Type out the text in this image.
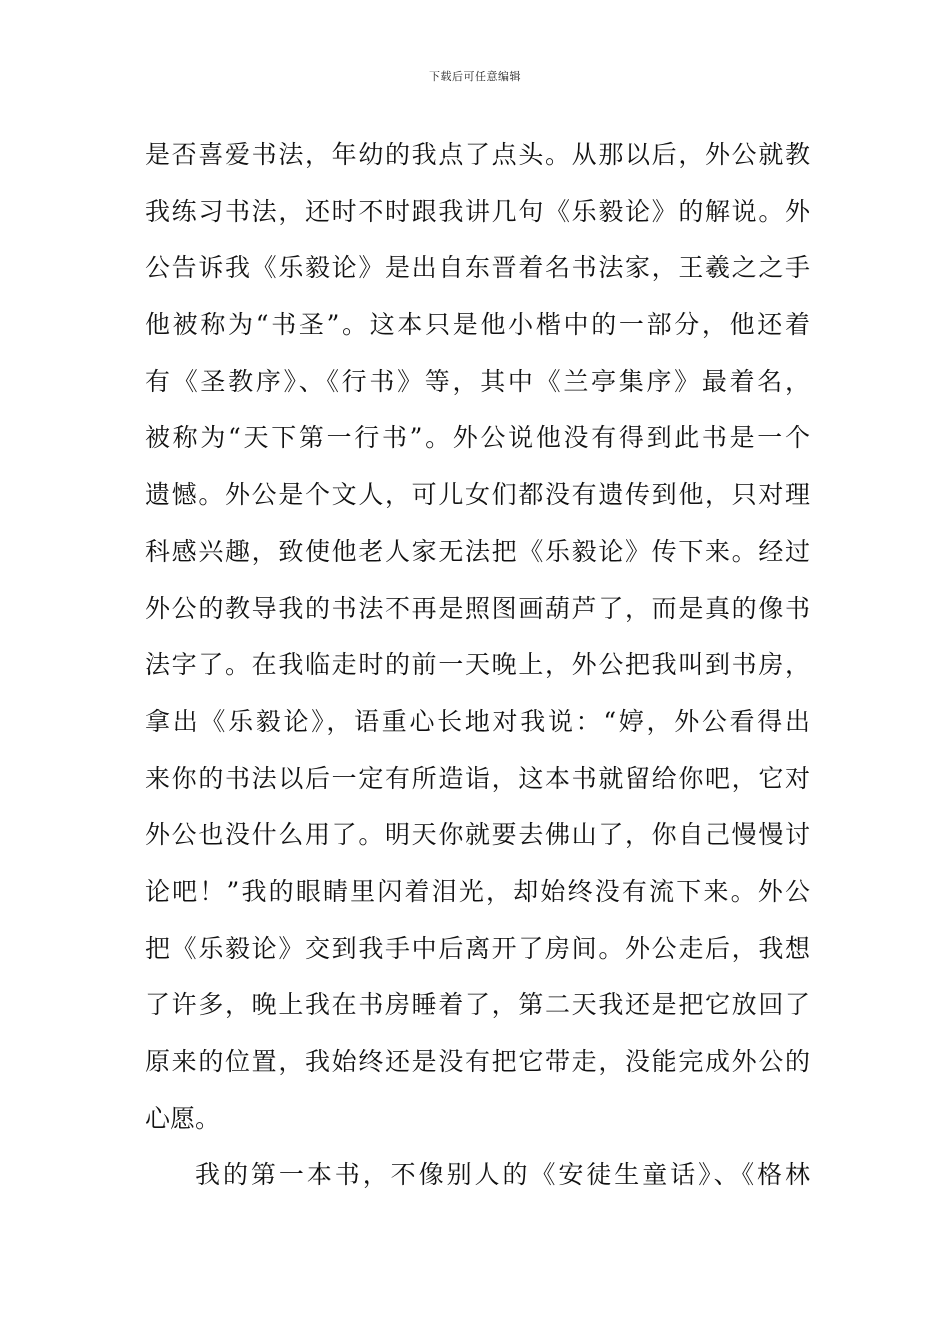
下载后可任意编辑
是否喜爱书法，年幼的我点了点头。从那以后，外公就教
我练习书法，还时不时跟我讲几句《乐毅论》的解说。外
公告诉我《乐毅论》是出自东晋着名书法家，王羲之之手
他被称为“书圣”。这本只是他小楷中的一部分，他还着
有《圣教序》、《行书》等，其中《兰亭集序》最着名，
被称为“天下第一行书”。外公说他没有得到此书是一个
遗憾。外公是个文人，可儿女们都没有遗传到他，只对理
科感兴趣，致使他老人家无法把《乐毅论》传下来。经过
外公的教导我的书法不再是照图画葫芦了，而是真的像书
法字了。在我临走时的前一天晚上，外公把我叫到书房，
拿出《乐毅论》，语重心长地对我说：“婷，外公看得出
来你的书法以后一定有所造诣，这本书就留给你吧，它对
外公也没什么用了。明天你就要去佛山了，你自己慢慢讨
论吧！”我的眼睛里闪着泪光，却始终没有流下来。外公
把《乐毅论》交到我手中后离开了房间。外公走后，我想
了许多，晚上我在书房睡着了，第二天我还是把它放回了
原来的位置，我始终还是没有把它带走，没能完成外公的
心愿。
我的第一本书，不像别人的《安徒生童话》、《格林
